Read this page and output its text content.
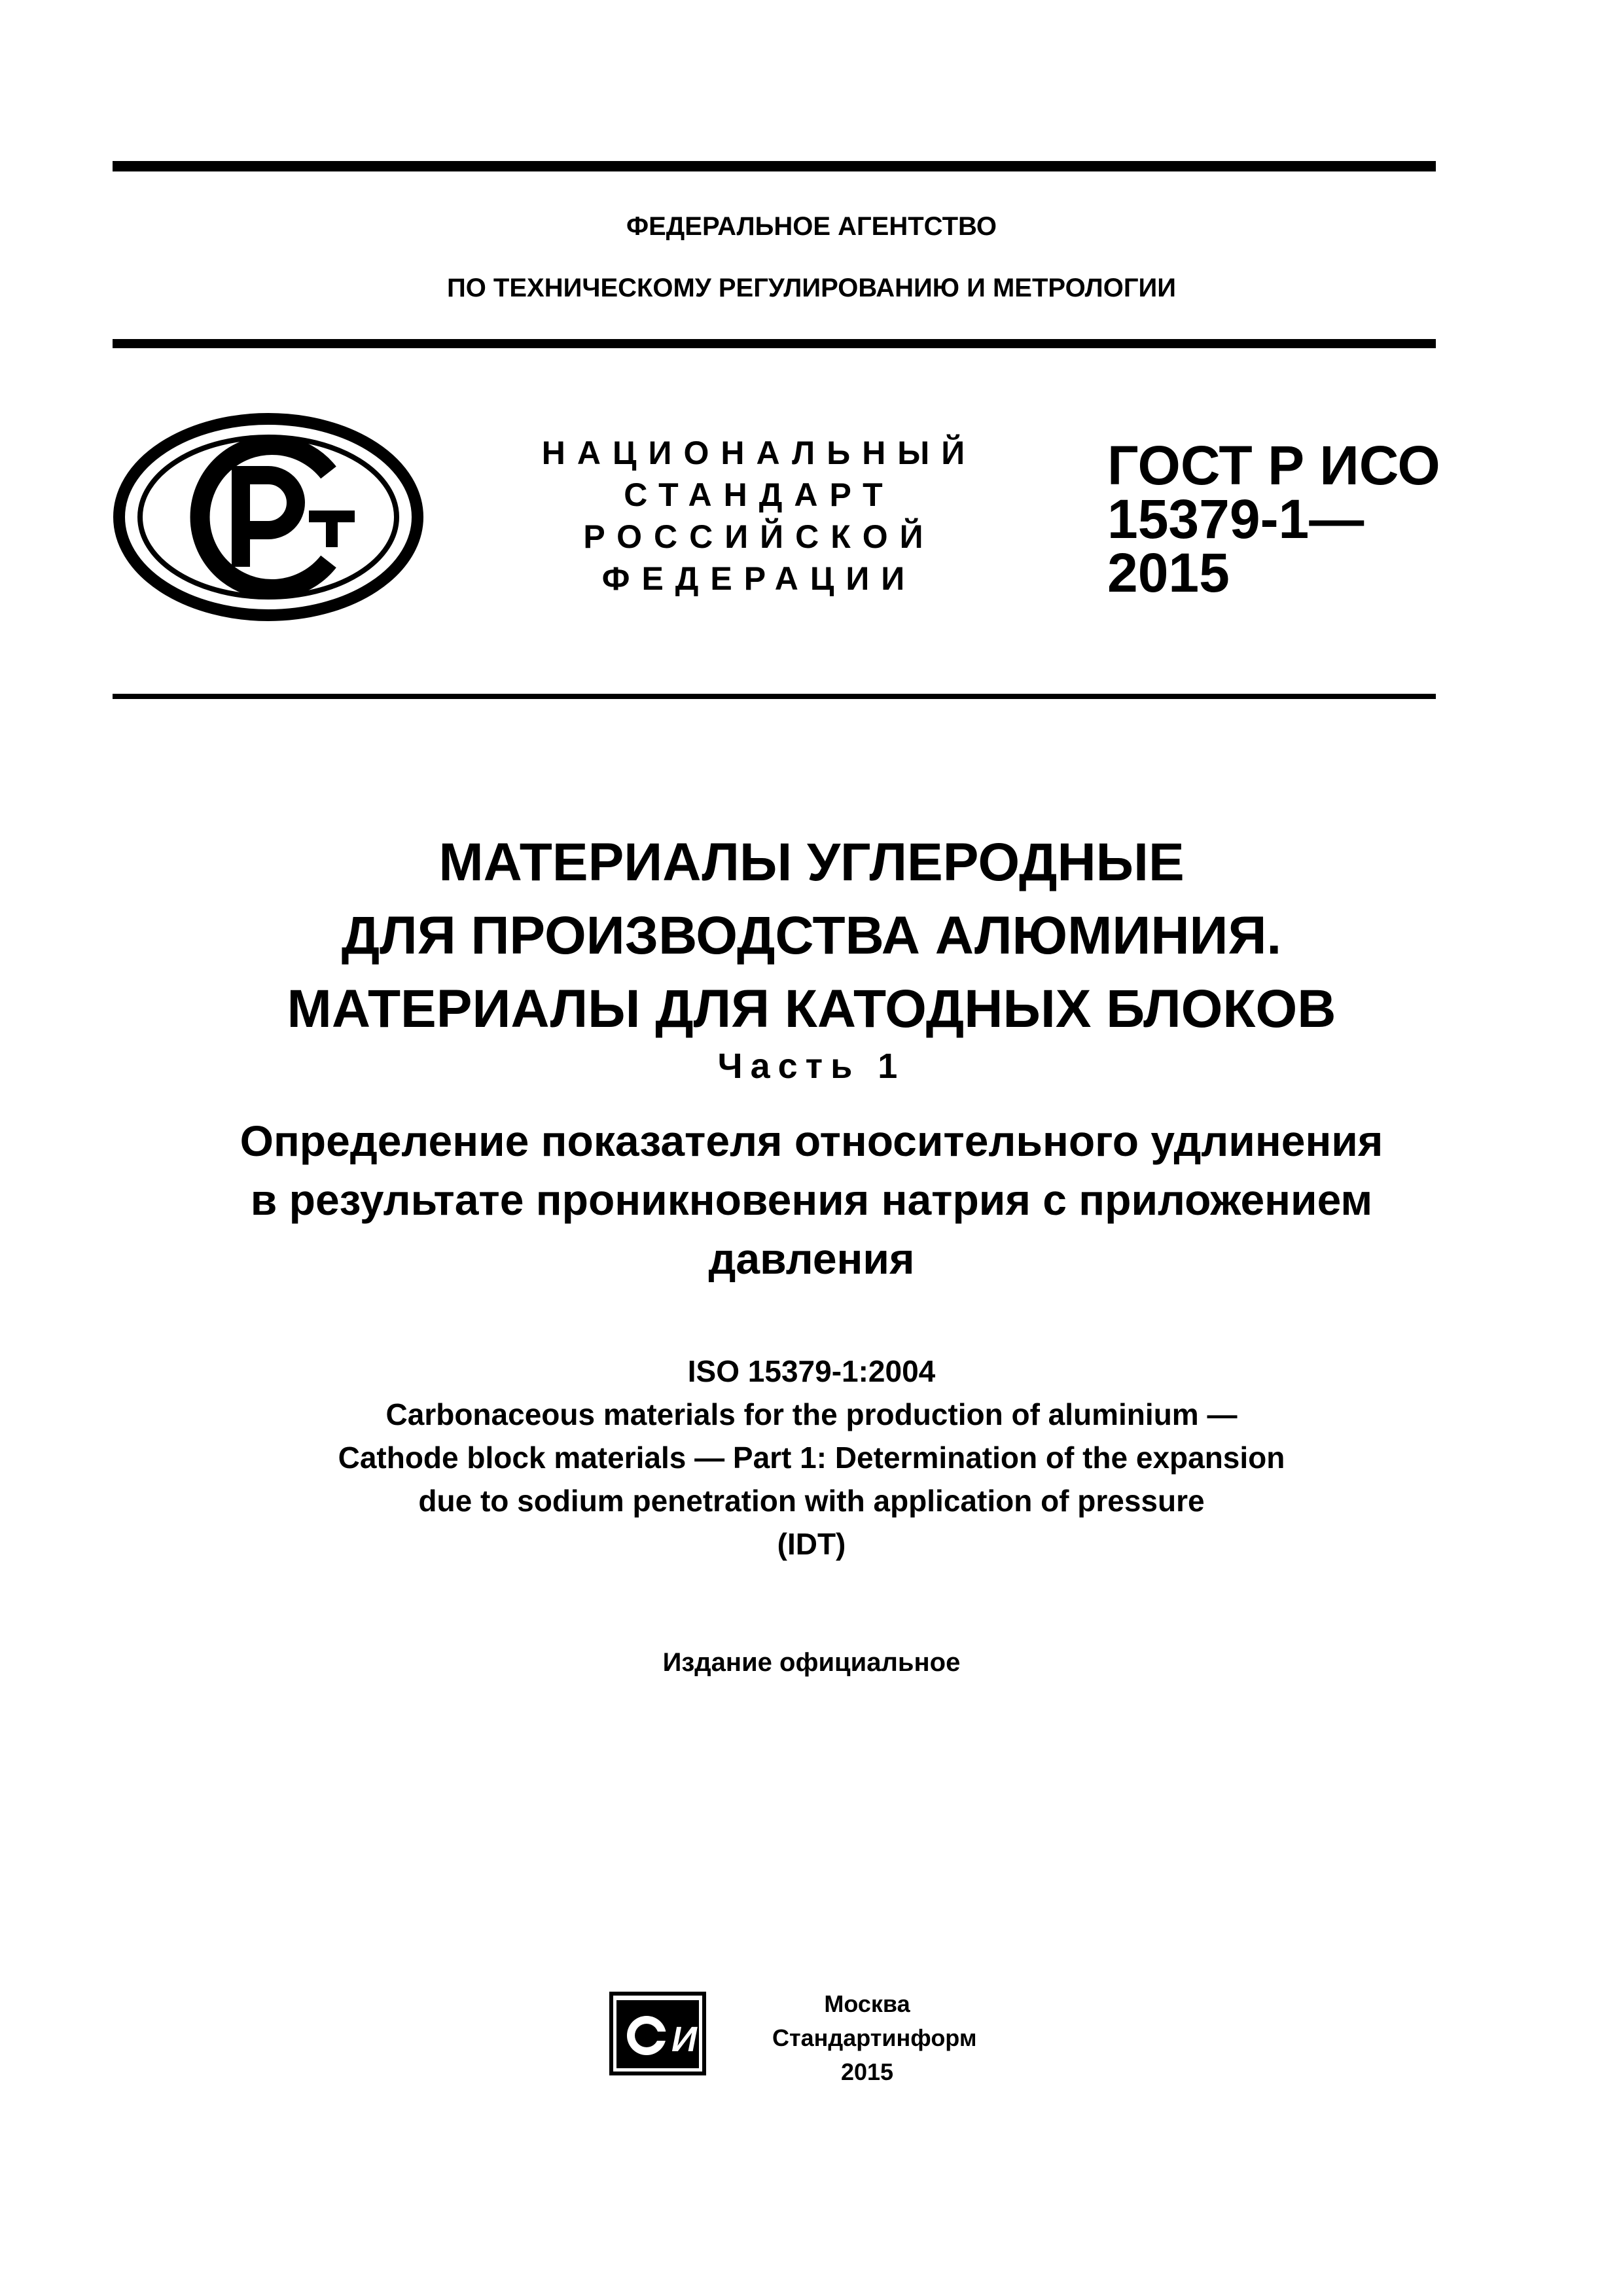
ФЕДЕРАЛЬНОЕ АГЕНТСТВО
ПО ТЕХНИЧЕСКОМУ РЕГУЛИРОВАНИЮ И МЕТРОЛОГИИ
НАЦИОНАЛЬНЫЙ
СТАНДАРТ
РОССИЙСКОЙ
ФЕДЕРАЦИИ
ГОСТ Р ИСО
15379-1—
2015
МАТЕРИАЛЫ УГЛЕРОДНЫЕ
ДЛЯ ПРОИЗВОДСТВА АЛЮМИНИЯ.
МАТЕРИАЛЫ ДЛЯ КАТОДНЫХ БЛОКОВ
Часть 1
Определение показателя относительного удлинения
в результате проникновения натрия с приложением
давления
ISO 15379-1:2004
Carbonaceous materials for the production of aluminium —
Cathode block materials — Part 1: Determination of the expansion
due to sodium penetration with application of pressure
(IDT)
Издание официальное
И
Москва
Стандартинформ
2015
